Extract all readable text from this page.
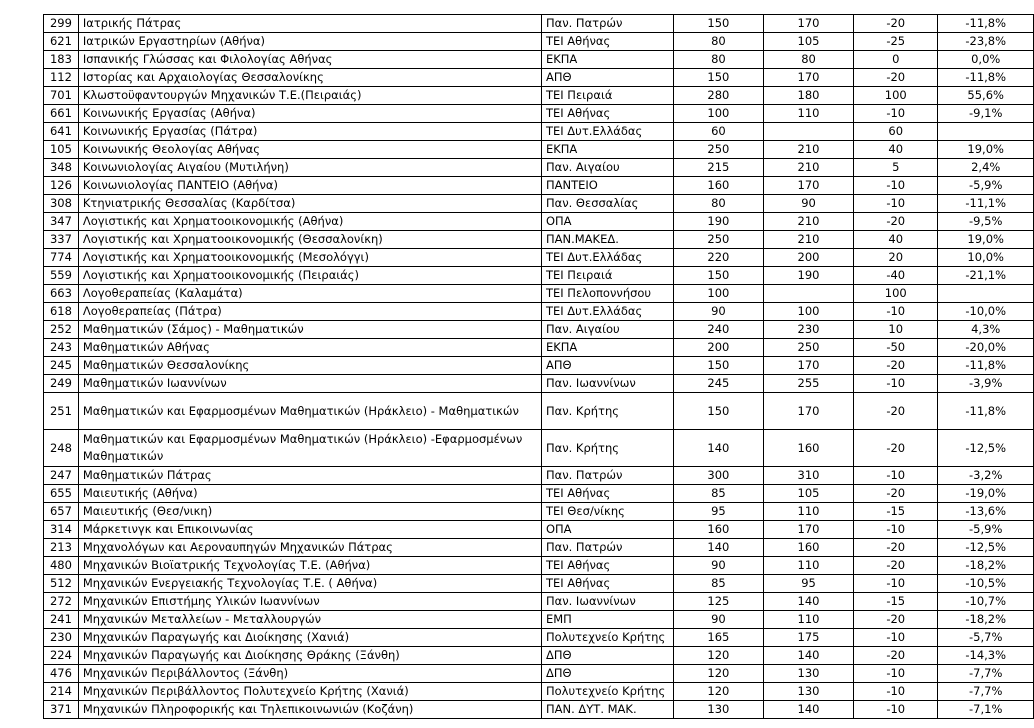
299	Ιατρικής Πάτρας	Παν. Πατρών	150	170	-20	-11,8%
621	Ιατρικών Εργαστηρίων (Αθήνα)	ΤΕΙ Αθήνας	80	105	-25	-23,8%
183	Ισπανικής Γλώσσας και Φιλολογίας Αθήνας	ΕΚΠΑ	80	80	0	0,0%
112	Ιστορίας και Αρχαιολογίας Θεσσαλονίκης	ΑΠΘ	150	170	-20	-11,8%
701	Κλωστοϋφαντουργών Μηχανικών Τ.Ε.(Πειραιάς)	ΤΕΙ Πειραιά	280	180	100	55,6%
661	Κοινωνικής Εργασίας (Αθήνα)	ΤΕΙ Αθήνας	100	110	-10	-9,1%
641	Κοινωνικής Εργασίας (Πάτρα)	ΤΕΙ Δυτ.Ελλάδας	60		60	
105	Κοινωνικής Θεολογίας Αθήνας	ΕΚΠΑ	250	210	40	19,0%
348	Κοινωνιολογίας Αιγαίου (Μυτιλήνη)	Παν. Αιγαίου	215	210	5	2,4%
126	Κοινωνιολογίας ΠΑΝΤΕΙΟ (Αθήνα)	ΠΑΝΤΕΙΟ	160	170	-10	-5,9%
308	Κτηνιατρικής Θεσσαλίας (Καρδίτσα)	Παν. Θεσσαλίας	80	90	-10	-11,1%
347	Λογιστικής και Χρηματοοικονομικής (Αθήνα)	ΟΠΑ	190	210	-20	-9,5%
337	Λογιστικής και Χρηματοοικονομικής (Θεσσαλονίκη)	ΠΑΝ.ΜΑΚΕΔ.	250	210	40	19,0%
774	Λογιστικής και Χρηματοοικονομικής (Μεσολόγγι)	ΤΕΙ Δυτ.Ελλάδας	220	200	20	10,0%
559	Λογιστικής και Χρηματοοικονομικής (Πειραιάς)	ΤΕΙ Πειραιά	150	190	-40	-21,1%
663	Λογοθεραπείας (Καλαμάτα)	ΤΕΙ Πελοποννήσου	100		100	
618	Λογοθεραπείας (Πάτρα)	ΤΕΙ Δυτ.Ελλάδας	90	100	-10	-10,0%
252	Μαθηματικών (Σάμος) - Μαθηματικών	Παν. Αιγαίου	240	230	10	4,3%
243	Μαθηματικών Αθήνας	ΕΚΠΑ	200	250	-50	-20,0%
245	Μαθηματικών Θεσσαλονίκης	ΑΠΘ	150	170	-20	-11,8%
249	Μαθηματικών Ιωαννίνων	Παν. Ιωαννίνων	245	255	-10	-3,9%
251	Μαθηματικών και Εφαρμοσμένων Μαθηματικών (Ηράκλειο) - Μαθηματικών	Παν. Κρήτης	150	170	-20	-11,8%
248	Μαθηματικών και Εφαρμοσμένων Μαθηματικών (Ηράκλειο) -Εφαρμοσμένων Μαθηματικών	Παν. Κρήτης	140	160	-20	-12,5%
247	Μαθηματικών Πάτρας	Παν. Πατρών	300	310	-10	-3,2%
655	Μαιευτικής (Αθήνα)	ΤΕΙ Αθήνας	85	105	-20	-19,0%
657	Μαιευτικής (Θεσ/νικη)	ΤΕΙ Θεσ/νίκης	95	110	-15	-13,6%
314	Μάρκετινγκ και Επικοινωνίας	ΟΠΑ	160	170	-10	-5,9%
213	Μηχανολόγων και Αεροναυπηγών Μηχανικών Πάτρας	Παν. Πατρών	140	160	-20	-12,5%
480	Μηχανικών Βιοϊατρικής Τεχνολογίας Τ.Ε. (Αθήνα)	ΤΕΙ Αθήνας	90	110	-20	-18,2%
512	Μηχανικών Ενεργειακής Τεχνολογίας Τ.Ε. ( Αθήνα)	ΤΕΙ Αθήνας	85	95	-10	-10,5%
272	Μηχανικών Επιστήμης Υλικών Ιωαννίνων	Παν. Ιωαννίνων	125	140	-15	-10,7%
241	Μηχανικών Μεταλλείων - Μεταλλουργών	ΕΜΠ	90	110	-20	-18,2%
230	Μηχανικών Παραγωγής και Διοίκησης (Χανιά)	Πολυτεχνείο Κρήτης	165	175	-10	-5,7%
224	Μηχανικών Παραγωγής και Διοίκησης Θράκης (Ξάνθη)	ΔΠΘ	120	140	-20	-14,3%
476	Μηχανικών Περιβάλλοντος (Ξάνθη)	ΔΠΘ	120	130	-10	-7,7%
214	Μηχανικών Περιβάλλοντος Πολυτεχνείο Κρήτης (Χανιά)	Πολυτεχνείο Κρήτης	120	130	-10	-7,7%
371	Μηχανικών Πληροφορικής και Τηλεπικοινωνιών (Κοζάνη)	ΠΑΝ. ΔΥΤ. ΜΑΚ.	130	140	-10	-7,1%
